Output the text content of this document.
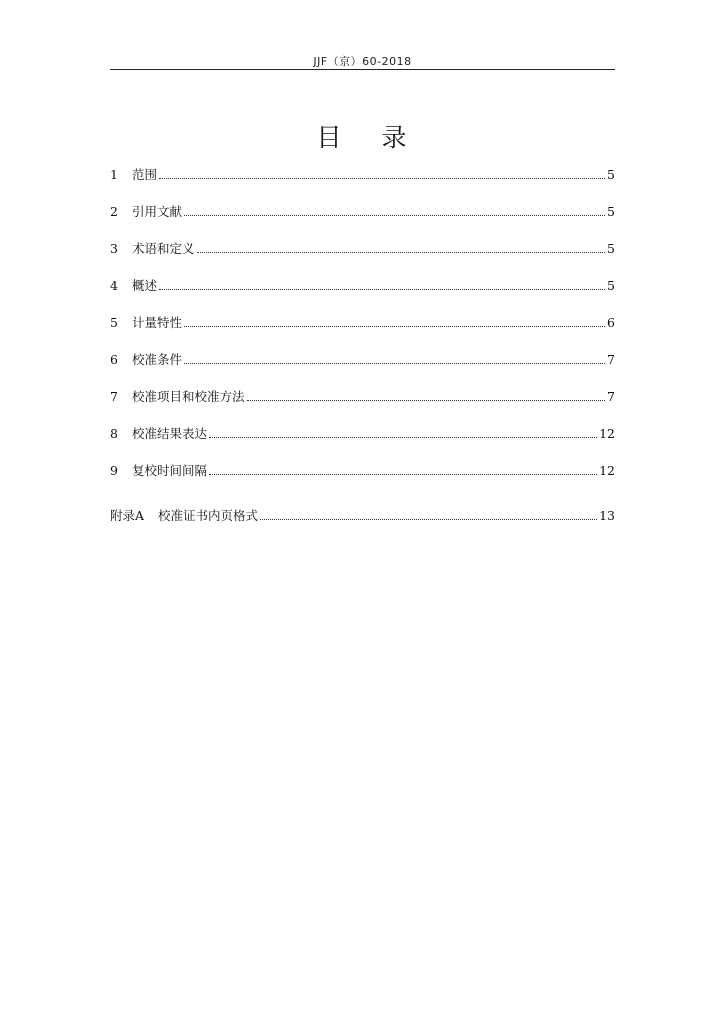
JJF（京）60-2018
目 录
1	范围	5
2	引用文献	5
3	术语和定义	5
4	概述	5
5	计量特性	6
6	校准条件	7
7	校准项目和校准方法	7
8	校准结果表达	12
9	复校时间间隔	12
附录A	校准证书内页格式	13
